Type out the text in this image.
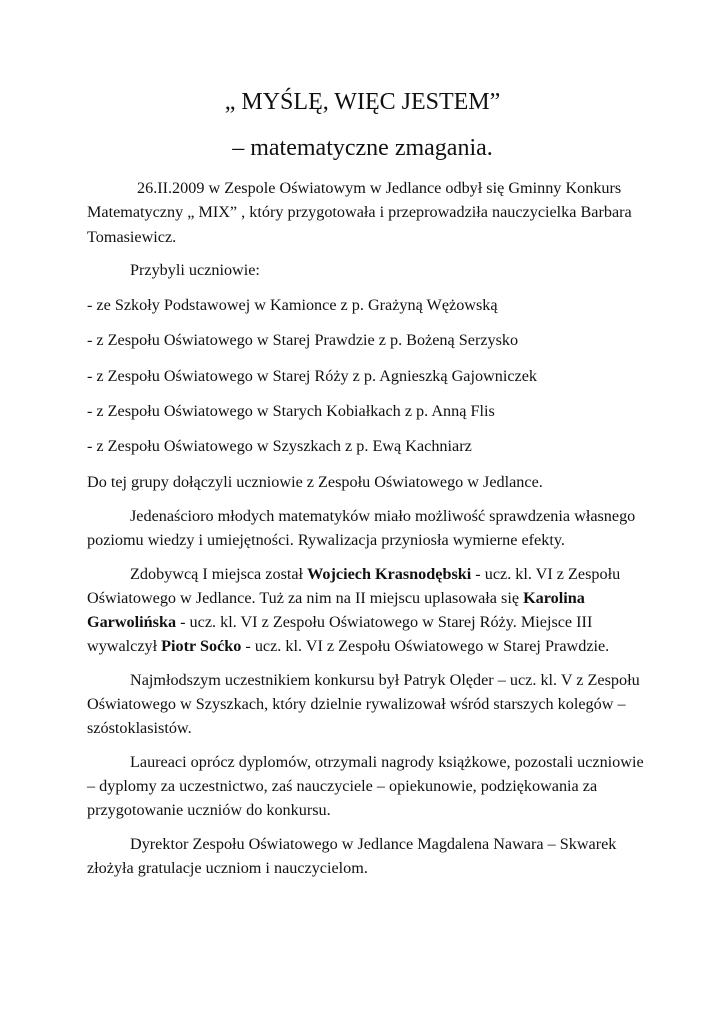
„ MYŚLĘ, WIĘC JESTEM”
– matematyczne zmagania.

26.II.2009 w Zespole Oświatowym w Jedlance odbył się Gminny Konkurs Matematyczny „ MIX” , który przygotowała i przeprowadziła nauczycielka Barbara Tomasiewicz.

Przybyli uczniowie:

- ze Szkoły Podstawowej w Kamionce z p. Grażyną Wężowską

- z Zespołu Oświatowego w Starej Prawdzie z p. Bożeną Serzysko

- z Zespołu Oświatowego w Starej Róży z p. Agnieszką Gajowniczek

- z Zespołu Oświatowego w Starych Kobiałkach z p. Anną Flis

- z Zespołu Oświatowego w Szyszkach z p. Ewą Kachniarz

Do tej grupy dołączyli uczniowie z Zespołu Oświatowego w Jedlance.

Jedenaścioro młodych matematyków miało możliwość sprawdzenia własnego poziomu wiedzy i umiejętności. Rywalizacja przyniosła wymierne efekty.

Zdobywcą I miejsca został Wojciech Krasnodębski - ucz. kl. VI z Zespołu Oświatowego w Jedlance. Tuż za nim na II miejscu uplasowała się Karolina Garwolińska - ucz. kl. VI z Zespołu Oświatowego w Starej Róży. Miejsce III wywalczył Piotr Soćko - ucz. kl. VI z Zespołu Oświatowego w Starej Prawdzie.

Najmłodszym uczestnikiem konkursu był Patryk Olęder – ucz. kl. V z Zespołu Oświatowego w Szyszkach, który dzielnie rywalizował wśród starszych kolegów – szóstoklasistów.

Laureaci oprócz dyplomów, otrzymali nagrody książkowe, pozostali uczniowie – dyplomy za uczestnictwo, zaś nauczyciele – opiekunowie, podziękowania za przygotowanie uczniów do konkursu.

Dyrektor Zespołu Oświatowego w Jedlance Magdalena Nawara – Skwarek złożyła gratulacje uczniom i nauczycielom.
